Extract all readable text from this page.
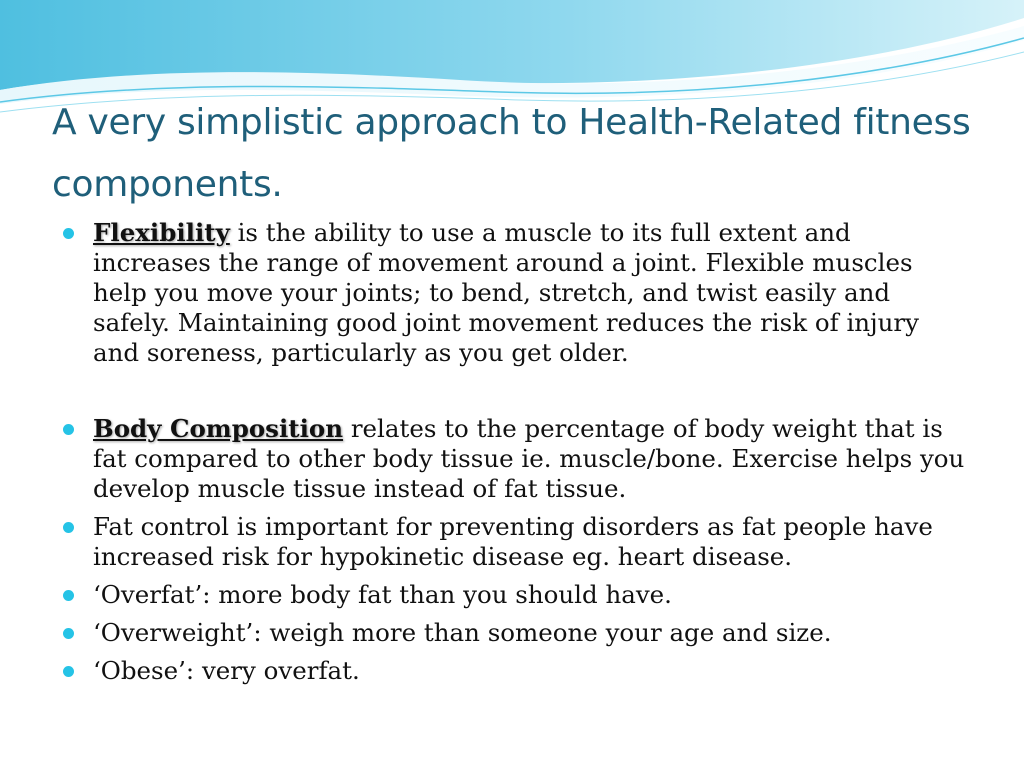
A very simplistic approach to Health-Related fitness components.
Flexibility is the ability to use a muscle to its full extent and increases the range of movement around a joint. Flexible muscles help you move your joints; to bend, stretch, and twist easily and safely. Maintaining good joint movement reduces the risk of injury and soreness, particularly as you get older.
Body Composition relates to the percentage of body weight that is fat compared to other body tissue ie. muscle/bone. Exercise helps you develop muscle tissue instead of fat tissue.
Fat control is important for preventing disorders as fat people have increased risk for hypokinetic disease eg. heart disease.
‘Overfat’: more body fat than you should have.
‘Overweight’: weigh more than someone your age and size.
‘Obese’: very overfat.
